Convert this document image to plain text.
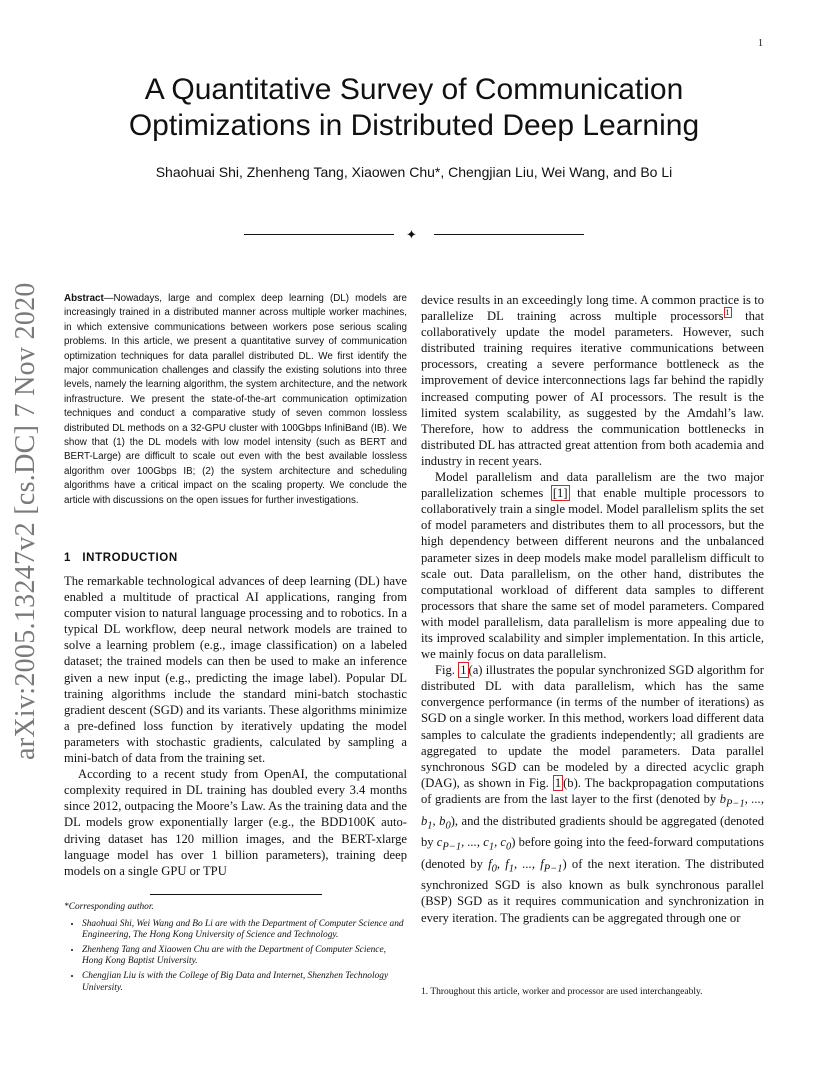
1
A Quantitative Survey of Communication
Optimizations in Distributed Deep Learning
Shaohuai Shi, Zhenheng Tang, Xiaowen Chu*, Chengjian Liu, Wei Wang, and Bo Li
✦
arXiv:2005.13247v2 [cs.DC] 7 Nov 2020	Abstract—Nowadays, large and complex deep learning (DL) models are increasingly trained in a distributed manner across multiple worker machines, in which extensive communications between workers pose serious scaling problems. In this article, we present a quantitative survey of communication optimization techniques for data parallel distributed DL. We first identify the major communication challenges and classify the existing solutions into three levels, namely the learning algorithm, the system architecture, and the network infrastructure. We present the state-of-the-art communication optimization techniques and conduct a comparative study of seven common lossless distributed DL methods on a 32-GPU cluster with 100Gbps InfiniBand (IB). We show that (1) the DL models with low model intensity (such as BERT and BERT-Large) are difficult to scale out even with the best available lossless algorithm over 100Gbps IB; (2) the system architecture and scheduling algorithms have a critical impact on the scaling property. We conclude the article with discussions on the open issues for further investigations.

1 INTRODUCTION

The remarkable technological advances of deep learning (DL) have enabled a multitude of practical AI applications, ranging from computer vision to natural language processing and to robotics. In a typical DL workflow, deep neural network models are trained to solve a learning problem (e.g., image classification) on a labeled dataset; the trained models can then be used to make an inference given a new input (e.g., predicting the image label). Popular DL training algorithms include the standard mini-batch stochastic gradient descent (SGD) and its variants. These algorithms minimize a pre-defined loss function by iteratively updating the model parameters with stochastic gradients, calculated by sampling a mini-batch of data from the training set.

According to a recent study from OpenAI, the computational complexity required in DL training has doubled every 3.4 months since 2012, outpacing the Moore’s Law. As the training data and the DL models grow exponentially larger (e.g., the BDD100K auto-driving dataset has 120 million images, and the BERT-xlarge language model has over 1 billion parameters), training deep models on a single GPU or TPU

*Corresponding author.

• Shaohuai Shi, Wei Wang and Bo Li are with the Department of Computer Science and Engineering, The Hong Kong University of Science and Technology.
• Zhenheng Tang and Xiaowen Chu are with the Department of Computer Science, Hong Kong Baptist University.
• Chengjian Liu is with the College of Big Data and Internet, Shenzhen Technology University.

device results in an exceedingly long time. A common practice is to parallelize DL training across multiple processors $^1$ that collaboratively update the model parameters. However, such distributed training requires iterative communications between processors, creating a severe performance bottleneck as the improvement of device interconnections lags far behind the rapidly increased computing power of AI processors. The result is the limited system scalability, as suggested by the Amdahl’s law. Therefore, how to address the communication bottlenecks in distributed DL has attracted great attention from both academia and industry in recent years.

Model parallelism and data parallelism are the two major parallelization schemes [1] that enable multiple processors to collaboratively train a single model. Model parallelism splits the set of model parameters and distributes them to all processors, but the high dependency between different neurons and the unbalanced parameter sizes in deep models make model parallelism difficult to scale out. Data parallelism, on the other hand, distributes the computational workload of different data samples to different processors that share the same set of model parameters. Compared with model parallelism, data parallelism is more appealing due to its improved scalability and simpler implementation. In this article, we mainly focus on data parallelism.

Fig. 1 (a) illustrates the popular synchronized SGD algorithm for distributed DL with data parallelism, which has the same convergence performance (in terms of the number of iterations) as SGD on a single worker. In this method, workers load different data samples to calculate the gradients independently; all gradients are aggregated to update the model parameters. Data parallel synchronous SGD can be modeled by a directed acyclic graph (DAG), as shown in Fig. 1 (b). The backpropagation computations of gradients are from the last layer to the first (denoted by $b_{P-1}$, ..., $b_1$, $b_0$), and the distributed gradients should be aggregated (denoted by $c_{P-1}$, ..., $c_1$, $c_0$) before going into the feed-forward computations (denoted by $f_0$, $f_1$, ..., $f_{P-1}$) of the next iteration. The distributed synchronized SGD is also known as bulk synchronous parallel (BSP) SGD as it requires communication and synchronization in every iteration. The gradients can be aggregated through one or

1. Throughout this article, worker and processor are used interchangeably.
